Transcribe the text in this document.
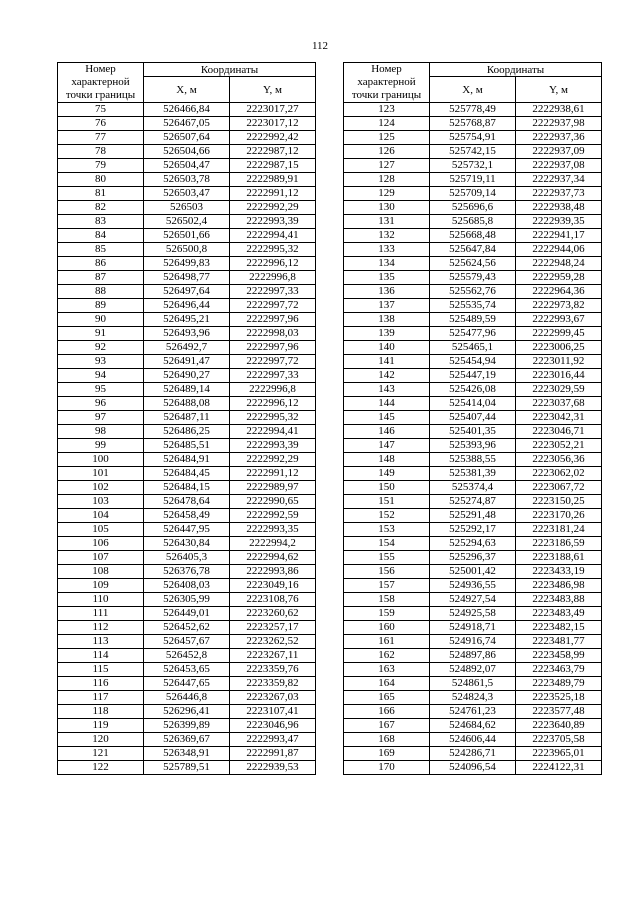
112
Номер характерной точки границы	Координаты	
	X, м	Y, м
75	526466,84	2223017,27
76	526467,05	2223017,12
77	526507,64	2222992,42
78	526504,66	2222987,12
79	526504,47	2222987,15
80	526503,78	2222989,91
81	526503,47	2222991,12
82	526503	2222992,29
83	526502,4	2222993,39
84	526501,66	2222994,41
85	526500,8	2222995,32
86	526499,83	2222996,12
87	526498,77	2222996,8
88	526497,64	2222997,33
89	526496,44	2222997,72
90	526495,21	2222997,96
91	526493,96	2222998,03
92	526492,7	2222997,96
93	526491,47	2222997,72
94	526490,27	2222997,33
95	526489,14	2222996,8
96	526488,08	2222996,12
97	526487,11	2222995,32
98	526486,25	2222994,41
99	526485,51	2222993,39
100	526484,91	2222992,29
101	526484,45	2222991,12
102	526484,15	2222989,97
103	526478,64	2222990,65
104	526458,49	2222992,59
105	526447,95	2222993,35
106	526430,84	2222994,2
107	526405,3	2222994,62
108	526376,78	2222993,86
109	526408,03	2223049,16
110	526305,99	2223108,76
111	526449,01	2223260,62
112	526452,62	2223257,17
113	526457,67	2223262,52
114	526452,8	2223267,11
115	526453,65	2223359,76
116	526447,65	2223359,82
117	526446,8	2223267,03
118	526296,41	2223107,41
119	526399,89	2223046,96
120	526369,67	2222993,47
121	526348,91	2222991,87
122	525789,51	2222939,53
Номер характерной точки границы	Координаты	
	X, м	Y, м
123	525778,49	2222938,61
124	525768,87	2222937,98
125	525754,91	2222937,36
126	525742,15	2222937,09
127	525732,1	2222937,08
128	525719,11	2222937,34
129	525709,14	2222937,73
130	525696,6	2222938,48
131	525685,8	2222939,35
132	525668,48	2222941,17
133	525647,84	2222944,06
134	525624,56	2222948,24
135	525579,43	2222959,28
136	525562,76	2222964,36
137	525535,74	2222973,82
138	525489,59	2222993,67
139	525477,96	2222999,45
140	525465,1	2223006,25
141	525454,94	2223011,92
142	525447,19	2223016,44
143	525426,08	2223029,59
144	525414,04	2223037,68
145	525407,44	2223042,31
146	525401,35	2223046,71
147	525393,96	2223052,21
148	525388,55	2223056,36
149	525381,39	2223062,02
150	525374,4	2223067,72
151	525274,87	2223150,25
152	525291,48	2223170,26
153	525292,17	2223181,24
154	525294,63	2223186,59
155	525296,37	2223188,61
156	525001,42	2223433,19
157	524936,55	2223486,98
158	524927,54	2223483,88
159	524925,58	2223483,49
160	524918,71	2223482,15
161	524916,74	2223481,77
162	524897,86	2223458,99
163	524892,07	2223463,79
164	524861,5	2223489,79
165	524824,3	2223525,18
166	524761,23	2223577,48
167	524684,62	2223640,89
168	524606,44	2223705,58
169	524286,71	2223965,01
170	524096,54	2224122,31
